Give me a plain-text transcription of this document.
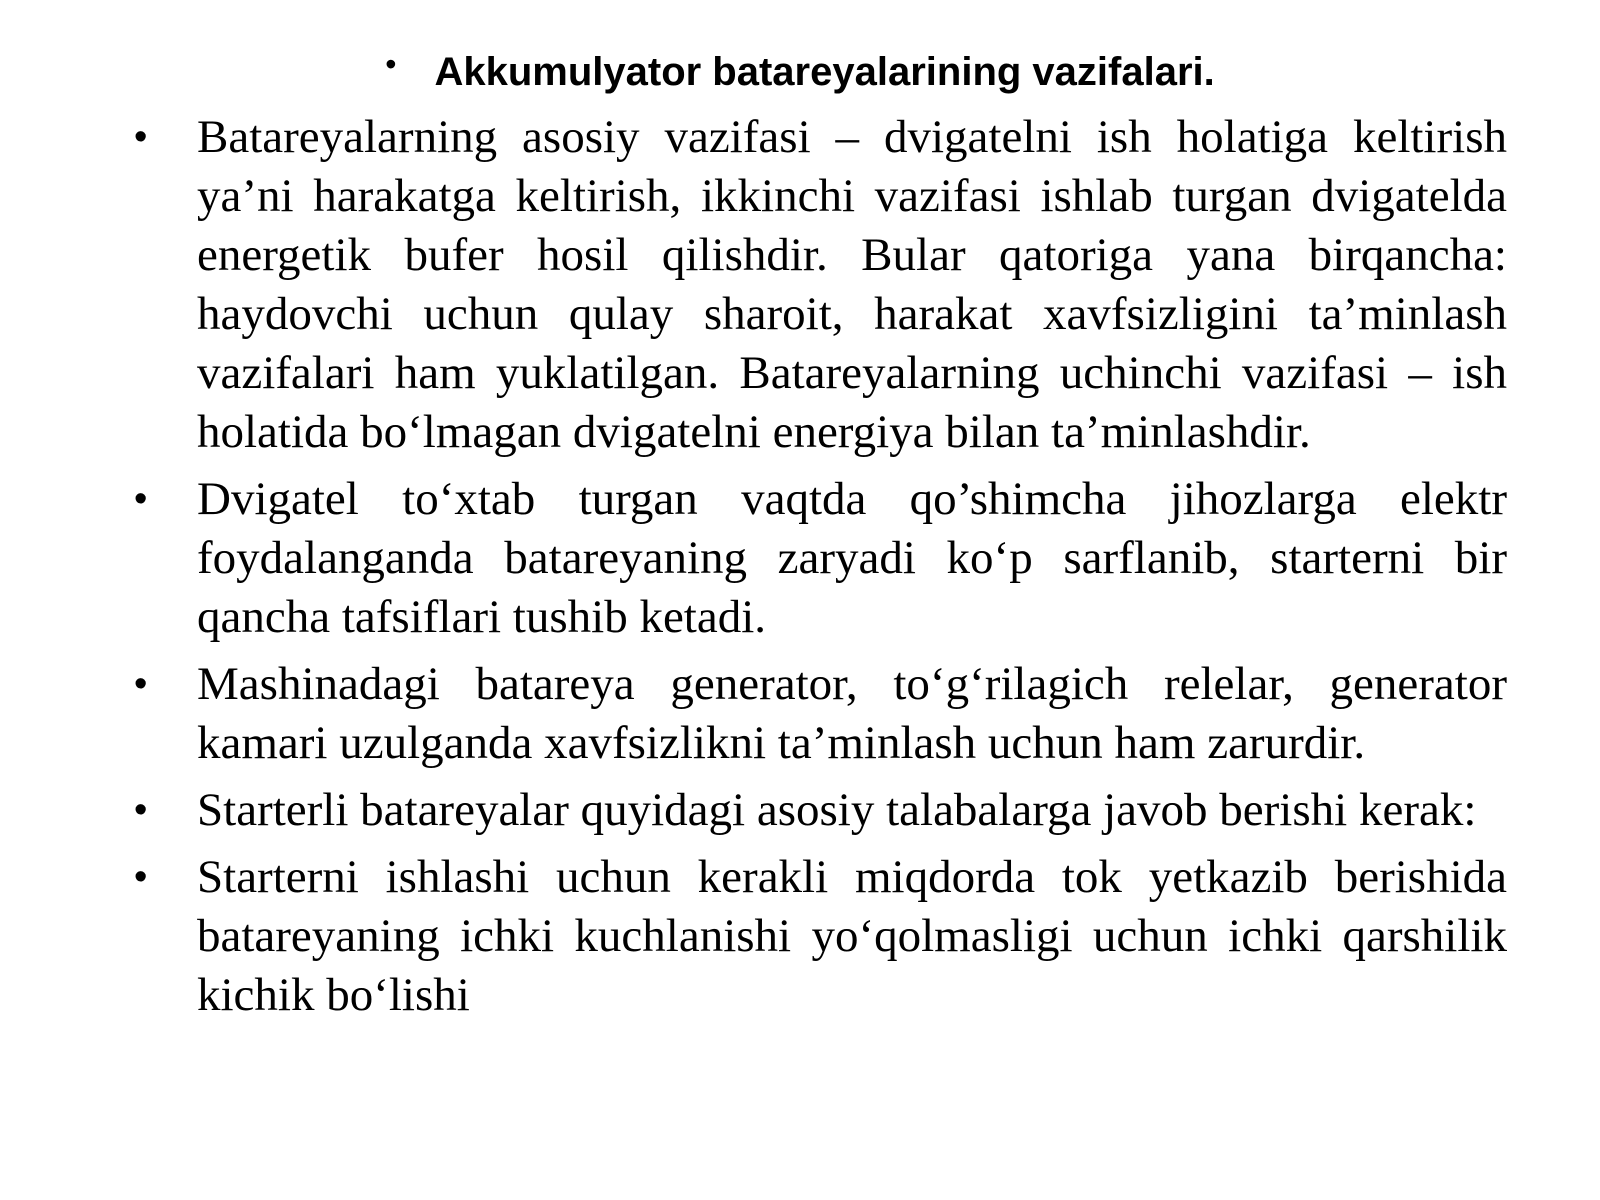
• Akkumulyator batareyalarining vazifalari.
• Batareyalarning asosiy vazifasi – dvigatelni ish holatiga keltirish ya’ni harakatga keltirish, ikkinchi vazifasi ishlab turgan dvigatelda energetik bufer hosil qilishdir. Bular qatoriga yana birqancha: haydovchi uchun qulay sharoit, harakat xavfsizligini ta’minlash vazifalari ham yuklatilgan. Batareyalarning uchinchi vazifasi – ish holatida bo‘lmagan dvigatelni energiya bilan ta’minlashdir.
• Dvigatel to‘xtab turgan vaqtda qo’shimcha jihozlarga elektr foydalanganda batareyaning zaryadi ko‘p sarflanib, starterni bir qancha tafsiflari tushib ketadi.
• Mashinadagi batareya generator, to‘g‘rilagich relelar, generator kamari uzulganda xavfsizlikni ta’minlash uchun ham zarurdir.
• Starterli batareyalar quyidagi asosiy talabalarga javob berishi kerak:
• Starterni ishlashi uchun kerakli miqdorda tok yetkazib berishida batareyaning ichki kuchlanishi yo‘qolmasligi uchun ichki qarshilik kichik bo‘lishi
